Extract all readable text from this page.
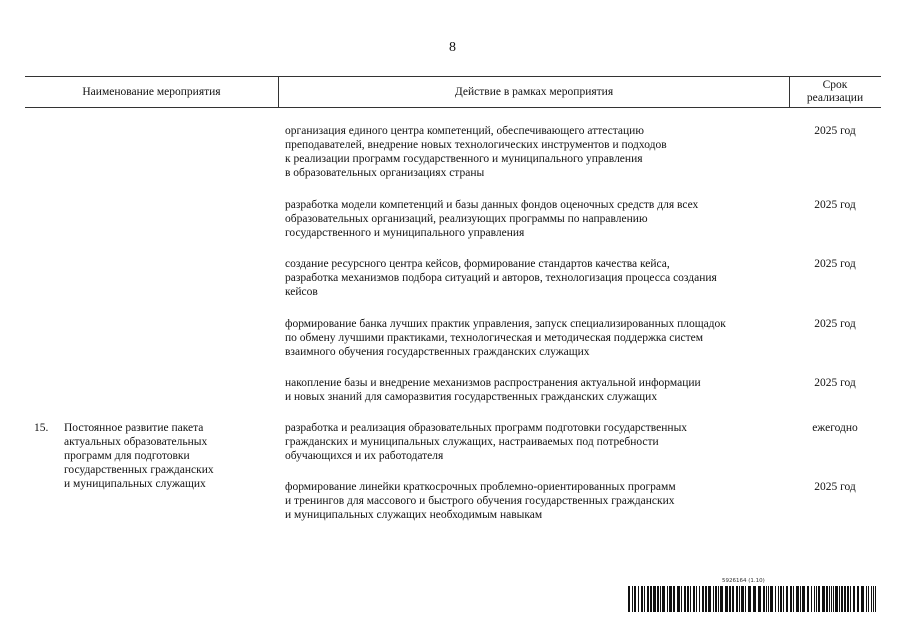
8
Наименование мероприятия	Действие в рамках мероприятия
Срок
реализации
организация единого центра компетенций, обеспечивающего аттестацию
преподавателей, внедрение новых технологических инструментов и подходов
к реализации программ государственного и муниципального управления
в образовательных организациях страны
2025 год
разработка модели компетенций и базы данных фондов оценочных средств для всех
образовательных организаций, реализующих программы по направлению
государственного и муниципального управления
2025 год
создание ресурсного центра кейсов, формирование стандартов качества кейса,
разработка механизмов подбора ситуаций и авторов, технологизация процесса создания
кейсов
2025 год
формирование банка лучших практик управления, запуск специализированных площадок
по обмену лучшими практиками, технологическая и методическая поддержка систем
взаимного обучения государственных гражданских служащих
2025 год
накопление базы и внедрение механизмов распространения актуальной информации
и новых знаний для саморазвития государственных гражданских служащих
2025 год
15. Постоянное развитие пакета
актуальных образовательных
программ для подготовки
государственных гражданских
и муниципальных служащих
разработка и реализация образовательных программ подготовки государственных
гражданских и муниципальных служащих, настраиваемых под потребности
обучающихся и их работодателя
ежегодно
формирование линейки краткосрочных проблемно-ориентированных программ
и тренингов для массового и быстрого обучения государственных гражданских
и муниципальных служащих необходимым навыкам
2025 год
5926164 (1.10)
